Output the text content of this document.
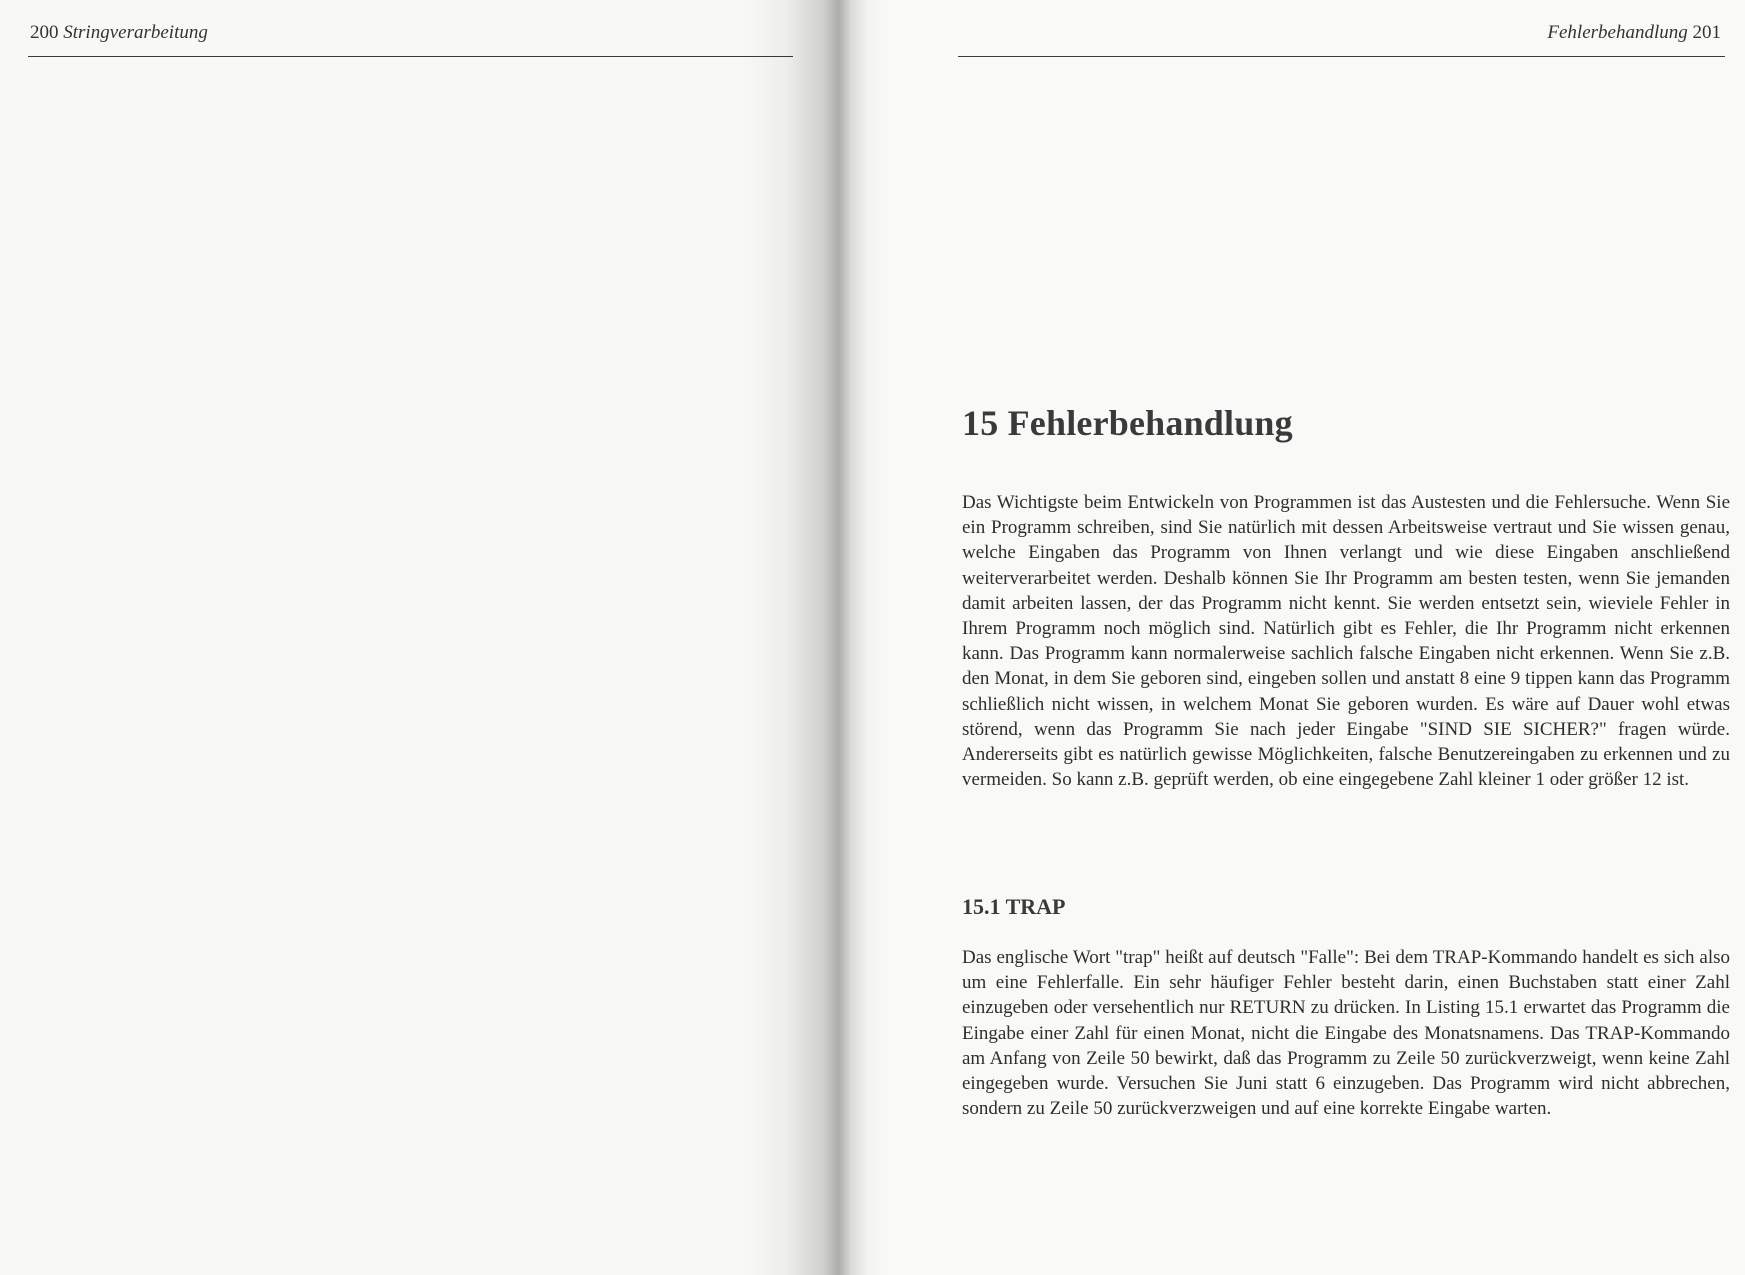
200 Stringverarbeitung	Fehlerbehandlung 201
15 Fehlerbehandlung

Das Wichtigste beim Entwickeln von Programmen ist das Austesten und die Fehlersuche. Wenn Sie ein Programm schreiben, sind Sie natürlich mit dessen Arbeitsweise vertraut und Sie wissen genau, welche Eingaben das Programm von Ihnen verlangt und wie diese Eingaben anschließend weiterverarbeitet werden. Deshalb können Sie Ihr Programm am besten testen, wenn Sie jemanden damit arbeiten lassen, der das Programm nicht kennt. Sie werden entsetzt sein, wieviele Fehler in Ihrem Programm noch möglich sind. Natürlich gibt es Fehler, die Ihr Programm nicht erkennen kann. Das Programm kann normalerweise sachlich falsche Eingaben nicht erkennen. Wenn Sie z.B. den Monat, in dem Sie geboren sind, eingeben sollen und anstatt 8 eine 9 tippen kann das Programm schließlich nicht wissen, in welchem Monat Sie geboren wurden. Es wäre auf Dauer wohl etwas störend, wenn das Programm Sie nach jeder Eingabe "SIND SIE SICHER?" fragen würde. Andererseits gibt es natürlich gewisse Möglichkeiten, falsche Benutzereingaben zu erkennen und zu vermeiden. So kann z.B. geprüft werden, ob eine eingegebene Zahl kleiner 1 oder größer 12 ist.

15.1 TRAP

Das englische Wort "trap" heißt auf deutsch "Falle": Bei dem TRAP-Kommando handelt es sich also um eine Fehlerfalle. Ein sehr häufiger Fehler besteht darin, einen Buchstaben statt einer Zahl einzugeben oder versehentlich nur RETURN zu drücken. In Listing 15.1 erwartet das Programm die Eingabe einer Zahl für einen Monat, nicht die Eingabe des Monatsnamens. Das TRAP-Kommando am Anfang von Zeile 50 bewirkt, daß das Programm zu Zeile 50 zurückverzweigt, wenn keine Zahl eingegeben wurde. Versuchen Sie Juni statt 6 einzugeben. Das Programm wird nicht abbrechen, sondern zu Zeile 50 zurückverzweigen und auf eine korrekte Eingabe warten.
